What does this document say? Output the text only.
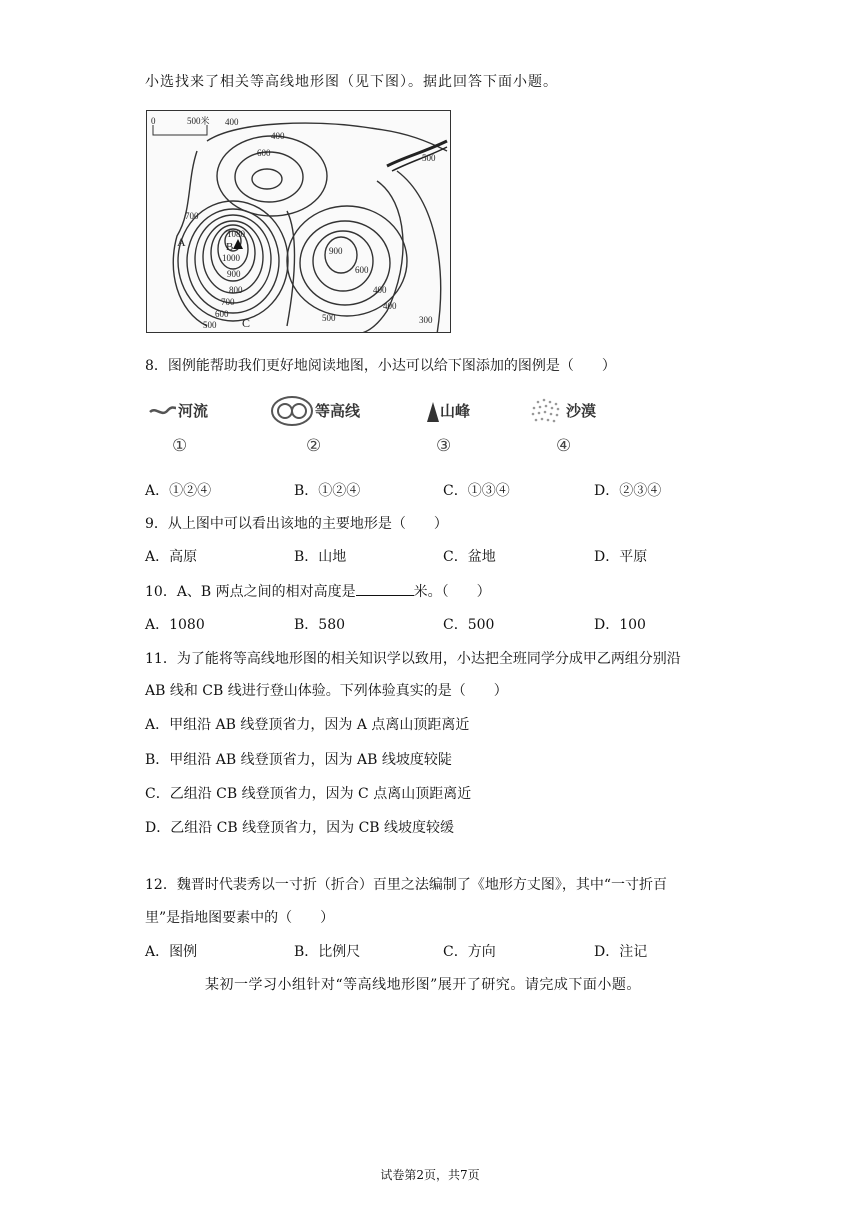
小选找来了相关等高线地形图（见下图）。据此回答下面小题。
0	500米 400
600
700
1080
1000
900
800
700
600
500
A	B
C
900
600
400
500
400
500	300
400
8．图例能帮助我们更好地阅读地图，小达可以给下图添加的图例是（　　）
河流
①
等高线
②
山峰
③
沙漠
④
A．①②④	B．①②④	C．①③④	D．②③④
9．从上图中可以看出该地的主要地形是（　　）
A．高原	B．山地	C．盆地	D．平原
10．A、B 两点之间的相对高度是	米。（　　）
A．1080	B．580	C．500	D．100
11．为了能将等高线地形图的相关知识学以致用，小达把全班同学分成甲乙两组分别沿
AB 线和 CB 线进行登山体验。下列体验真实的是（　　）
A．甲组沿 AB 线登顶省力，因为 A 点离山顶距离近
B．甲组沿 AB 线登顶省力，因为 AB 线坡度较陡
C．乙组沿 CB 线登顶省力，因为 C 点离山顶距离近
D．乙组沿 CB 线登顶省力，因为 CB 线坡度较缓
12．魏晋时代裴秀以一寸折（折合）百里之法编制了《地形方丈图》，其中“一寸折百
里”是指地图要素中的（　　）
A．图例	B．比例尺	C．方向	D．注记
某初一学习小组针对“等高线地形图”展开了研究。请完成下面小题。
试卷第2页，共7页
